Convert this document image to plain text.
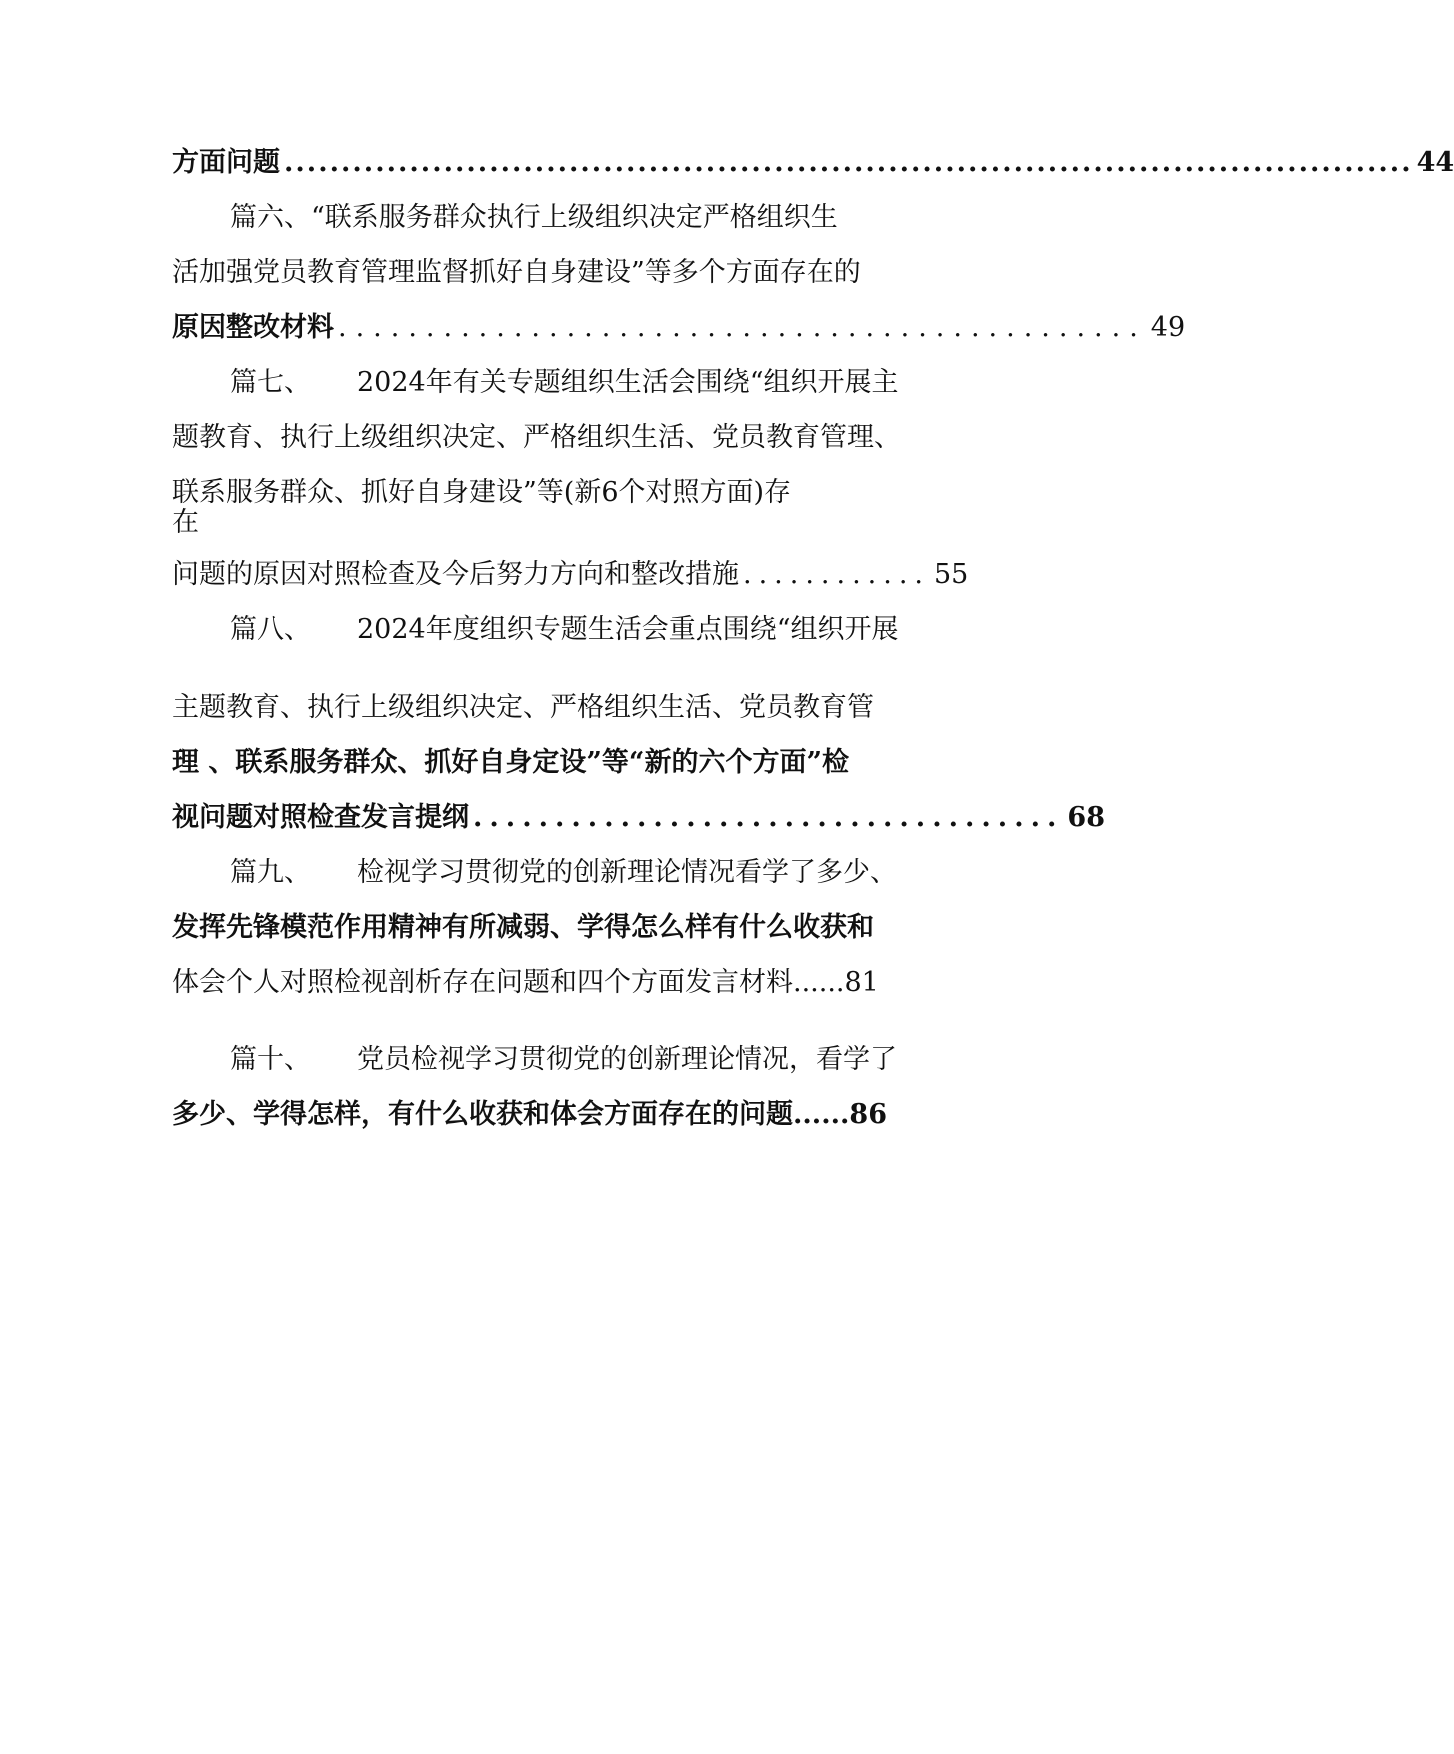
方面问题 ................................................................................................... 44
篇六、“联系服务群众执行上级组织决定严格组织生
活加强党员教育管理监督抓好自身建设”等多个方面存在的
原因整改材料 .............................................. 49
篇七、 2024年有关专题组织生活会围绕“组织开展主
题教育、执行上级组织决定、严格组织生活、党员教育管理、
联系服务群众、抓好自身建设”等(新6个对照方面)存
在
问题的原因对照检查及今后努力方向和整改措施 ............ 55
篇八、 2024年度组织专题生活会重点围绕“组织开展
主题教育、执行上级组织决定、严格组织生活、党员教育管
理 、联系服务群众、抓好自身定设”等“新的六个方面”检
视问题对照检查发言提纲 .................................... 68
篇九、 检视学习贯彻党的创新理论情况看学了多少、
发挥先锋模范作用精神有所减弱、学得怎么样有什么收获和
体会个人对照检视剖析存在问题和四个方面发言材料......81
篇十、 党员检视学习贯彻党的创新理论情况，看学了
多少、学得怎样，有什么收获和体会方面存在的问题......86
